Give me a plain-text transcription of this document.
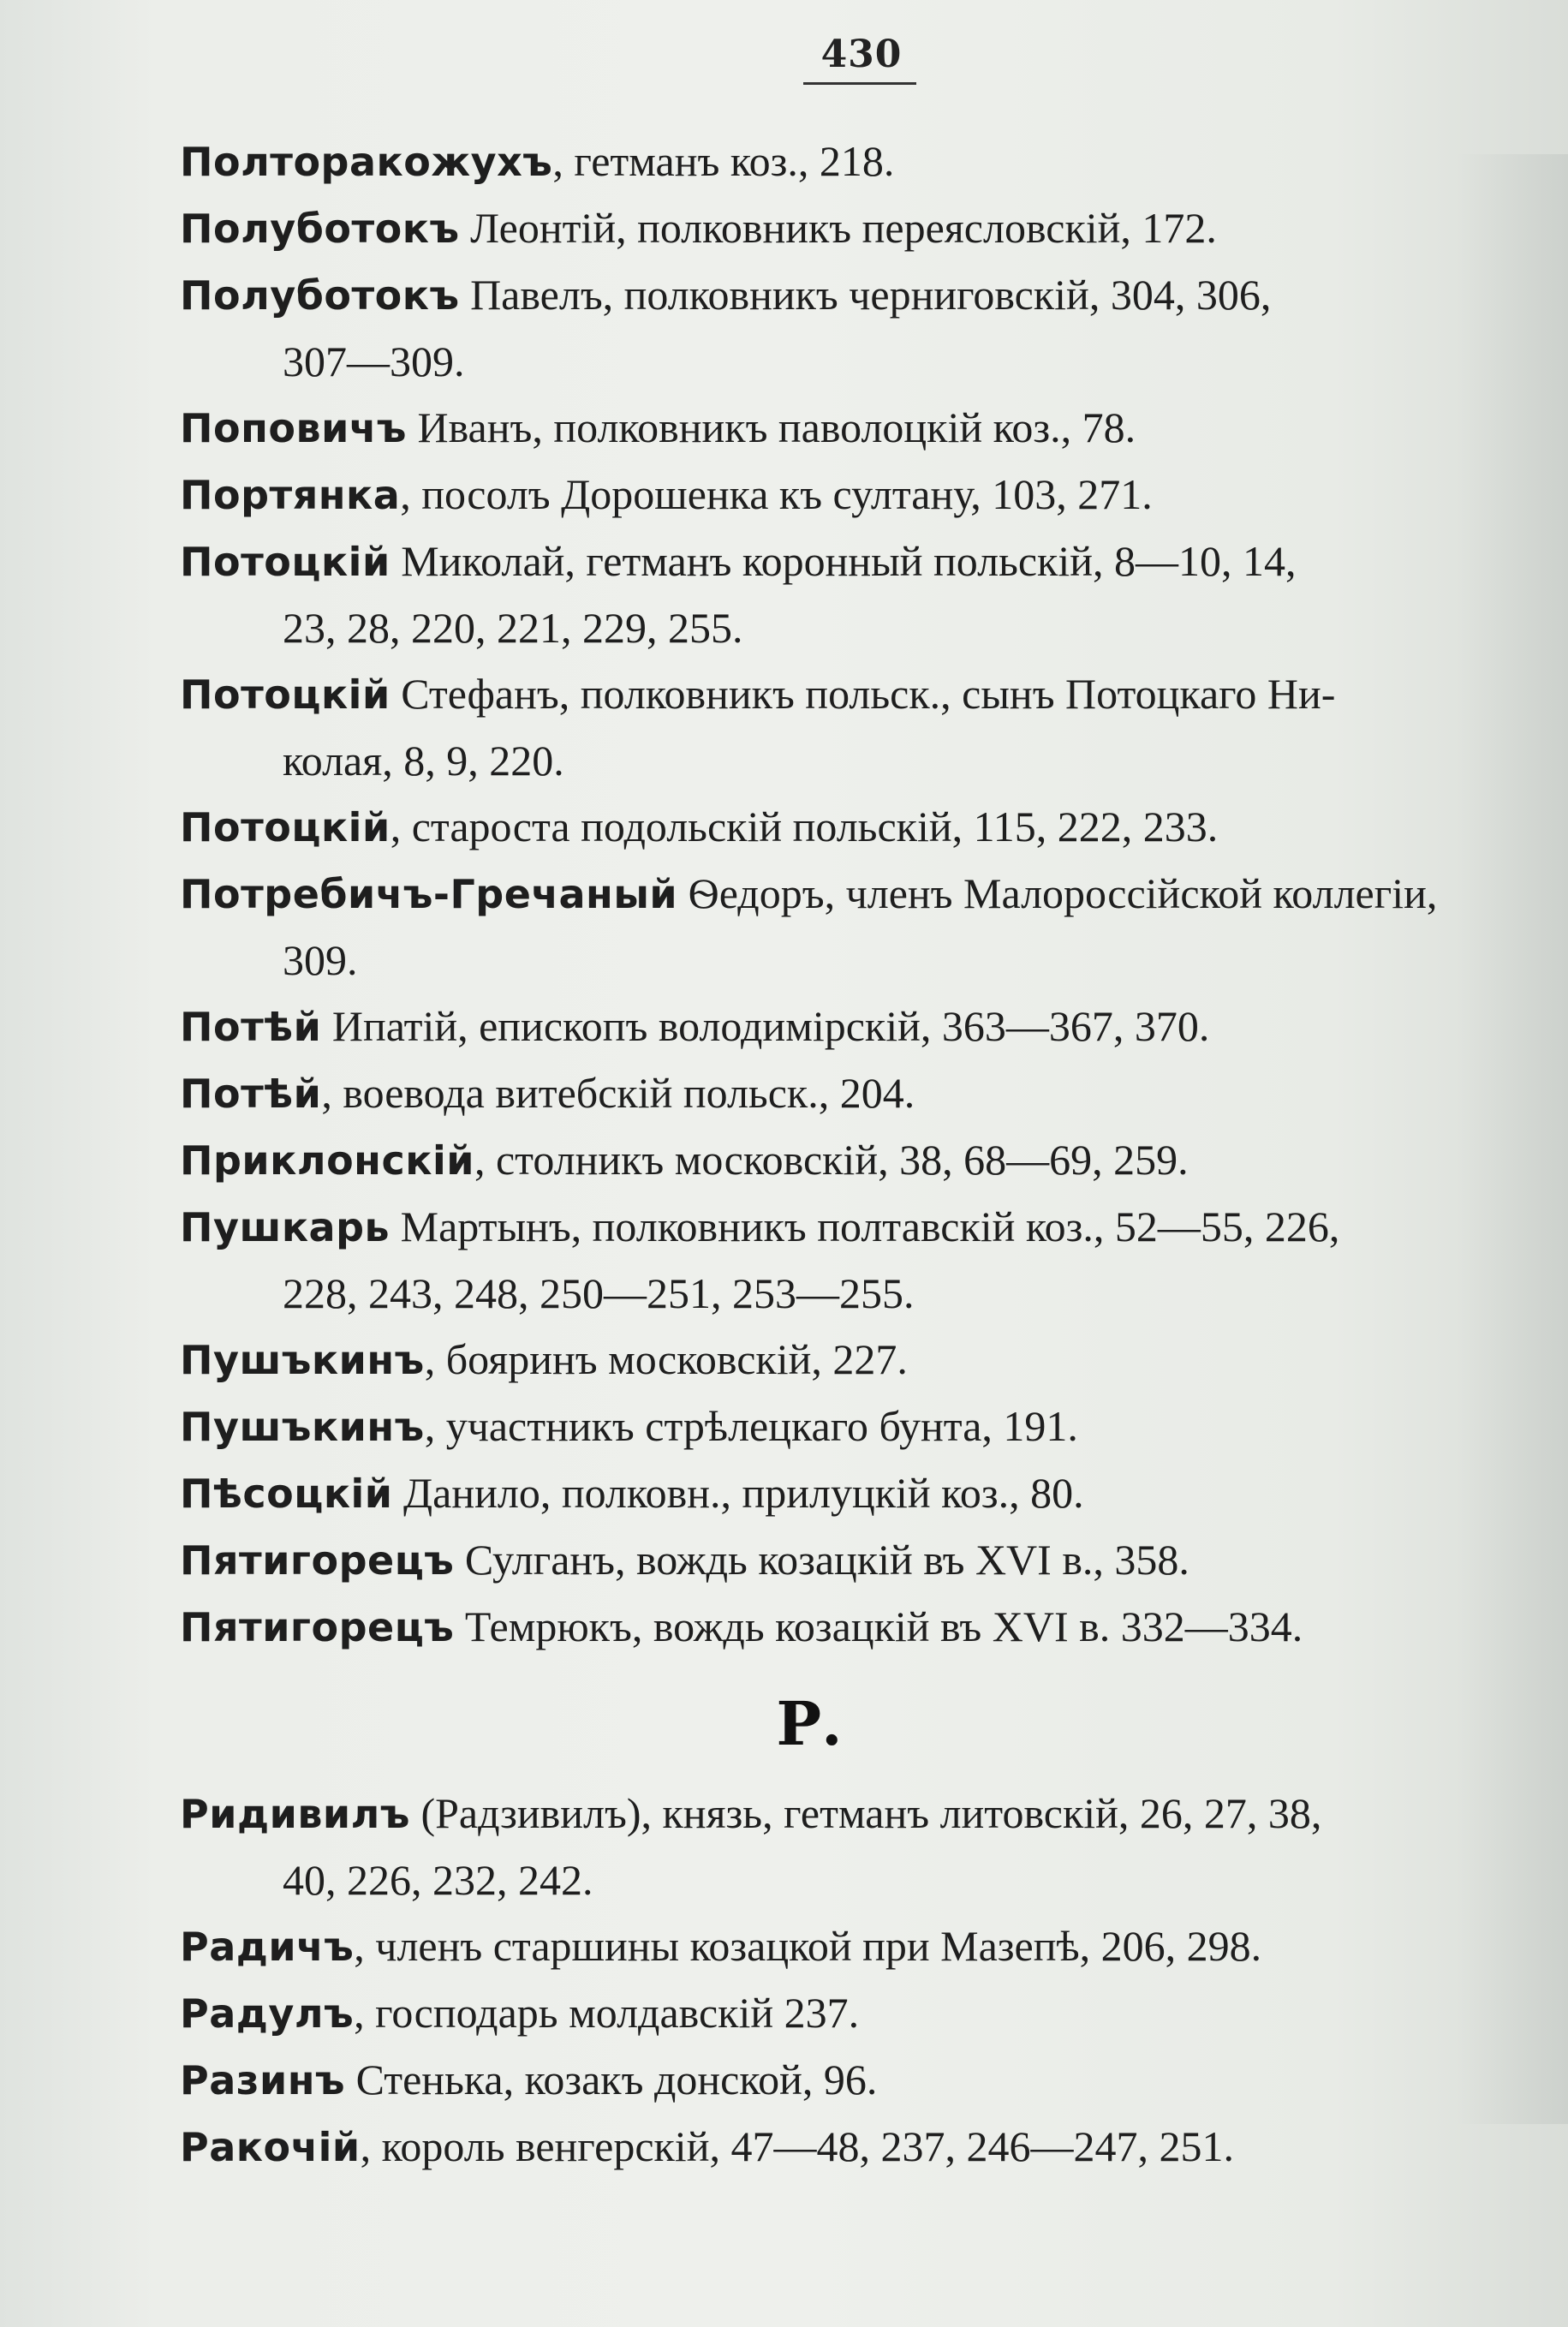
430
Полторакожухъ, гетманъ коз., 218.
Полуботокъ Леонтій, полковникъ переясловскій, 172.
Полуботокъ Павелъ, полковникъ черниговскій, 304, 306,
307—309.
Поповичъ Иванъ, полковникъ паволоцкій коз., 78.
Портянка, посолъ Дорошенка къ султану, 103, 271.
Потоцкій Миколай, гетманъ коронный польскій, 8—10, 14,
23, 28, 220, 221, 229, 255.
Потоцкій Стефанъ, полковникъ польск., сынъ Потоцкаго Ни-
колая, 8, 9, 220.
Потоцкій, староста подольскій польскій, 115, 222, 233.
Потребичъ-Гречаный Ѳедоръ, членъ Малороссійской коллегіи,
309.
Потѣй Ипатій, епископъ володимірскій, 363—367, 370.
Потѣй, воевода витебскій польск., 204.
Приклонскій, столникъ московскій, 38, 68—69, 259.
Пушкарь Мартынъ, полковникъ полтавскій коз., 52—55, 226,
228, 243, 248, 250—251, 253—255.
Пушъкинъ, бояринъ московскій, 227.
Пушъкинъ, участникъ стрѣлецкаго бунта, 191.
Пѣсоцкій Данило, полковн., прилуцкій коз., 80.
Пятигорецъ Сулганъ, вождь козацкій въ XVI в., 358.
Пятигорецъ Темрюкъ, вождь козацкій въ XVI в. 332—334.
Р.
Ридивилъ (Радзивилъ), князь, гетманъ литовскій, 26, 27, 38,
40, 226, 232, 242.
Радичъ, членъ старшины козацкой при Мазепѣ, 206, 298.
Радулъ, господарь молдавскій 237.
Разинъ Стенька, козакъ донской, 96.
Ракочій, король венгерскій, 47—48, 237, 246—247, 251.
